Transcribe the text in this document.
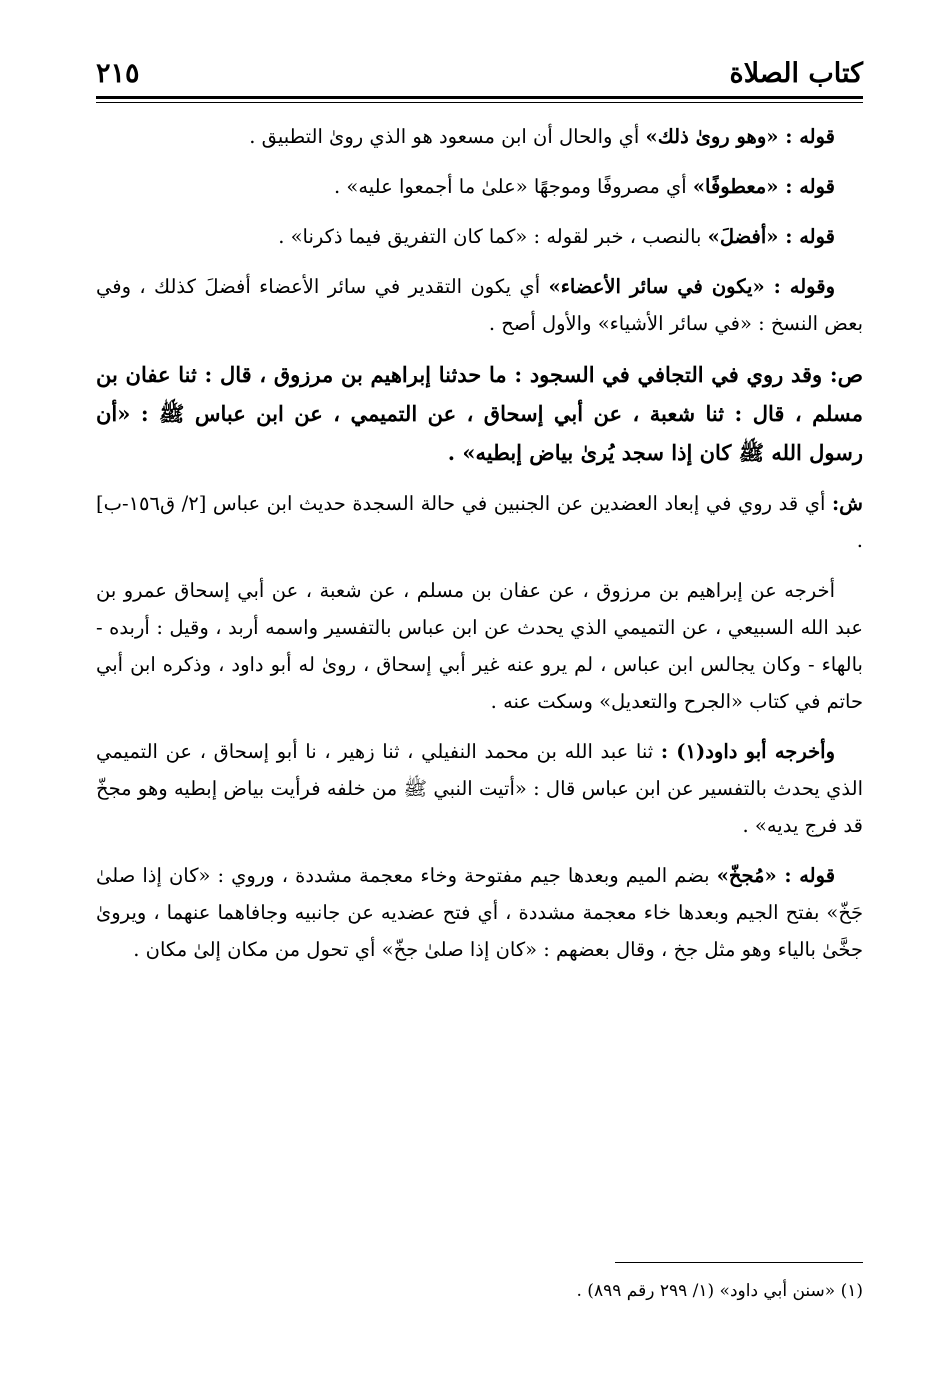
كتاب الصلاة
٢١٥

قوله : «وهو روىٰ ذلك» أي والحال أن ابن مسعود هو الذي روىٰ التطبيق .

قوله : «معطوفًا» أي مصروفًا وموجهًا «علىٰ ما أجمعوا عليه» .

قوله : «أفضلَ» بالنصب ، خبر لقوله : «كما كان التفريق فيما ذكرنا» .

وقوله : «يكون في سائر الأعضاء» أي يكون التقدير في سائر الأعضاء أفضلَ كذلك ، وفي بعض النسخ : «في سائر الأشياء» والأول أصح .

ص: وقد روي في التجافي في السجود : ما حدثنا إبراهيم بن مرزوق ، قال : ثنا عفان بن مسلم ، قال : ثنا شعبة ، عن أبي إسحاق ، عن التميمي ، عن ابن عباس ﷺ : «أن رسول الله ﷺ كان إذا سجد يُرىٰ بياض إبطيه» .

ش: أي قد روي في إبعاد العضدين عن الجنبين في حالة السجدة حديث ابن عباس [٢/ ق١٥٦-ب] .

أخرجه عن إبراهيم بن مرزوق ، عن عفان بن مسلم ، عن شعبة ، عن أبي إسحاق عمرو بن عبد الله السبيعي ، عن التميمي الذي يحدث عن ابن عباس بالتفسير واسمه أربد ، وقيل : أربده - بالهاء - وكان يجالس ابن عباس ، لم يرو عنه غير أبي إسحاق ، روىٰ له أبو داود ، وذكره ابن أبي حاتم في كتاب «الجرح والتعديل» وسكت عنه .

وأخرجه أبو داود(١) : ثنا عبد الله بن محمد النفيلي ، ثنا زهير ، نا أبو إسحاق ، عن التميمي الذي يحدث بالتفسير عن ابن عباس قال : «أتيت النبي ﷺ من خلفه فرأيت بياض إبطيه وهو مجخّ قد فرج يديه» .

قوله : «مُجخّ» بضم الميم وبعدها جيم مفتوحة وخاء معجمة مشددة ، وروي : «كان إذا صلىٰ جَخّ» بفتح الجيم وبعدها خاء معجمة مشددة ، أي فتح عضديه عن جانبيه وجافاهما عنهما ، ويروىٰ جخَّىٰ بالياء وهو مثل جخ ، وقال بعضهم : «كان إذا صلىٰ جخّ» أي تحول من مكان إلىٰ مكان .

(١) «سنن أبي داود» (١/ ٢٩٩ رقم ٨٩٩) .
